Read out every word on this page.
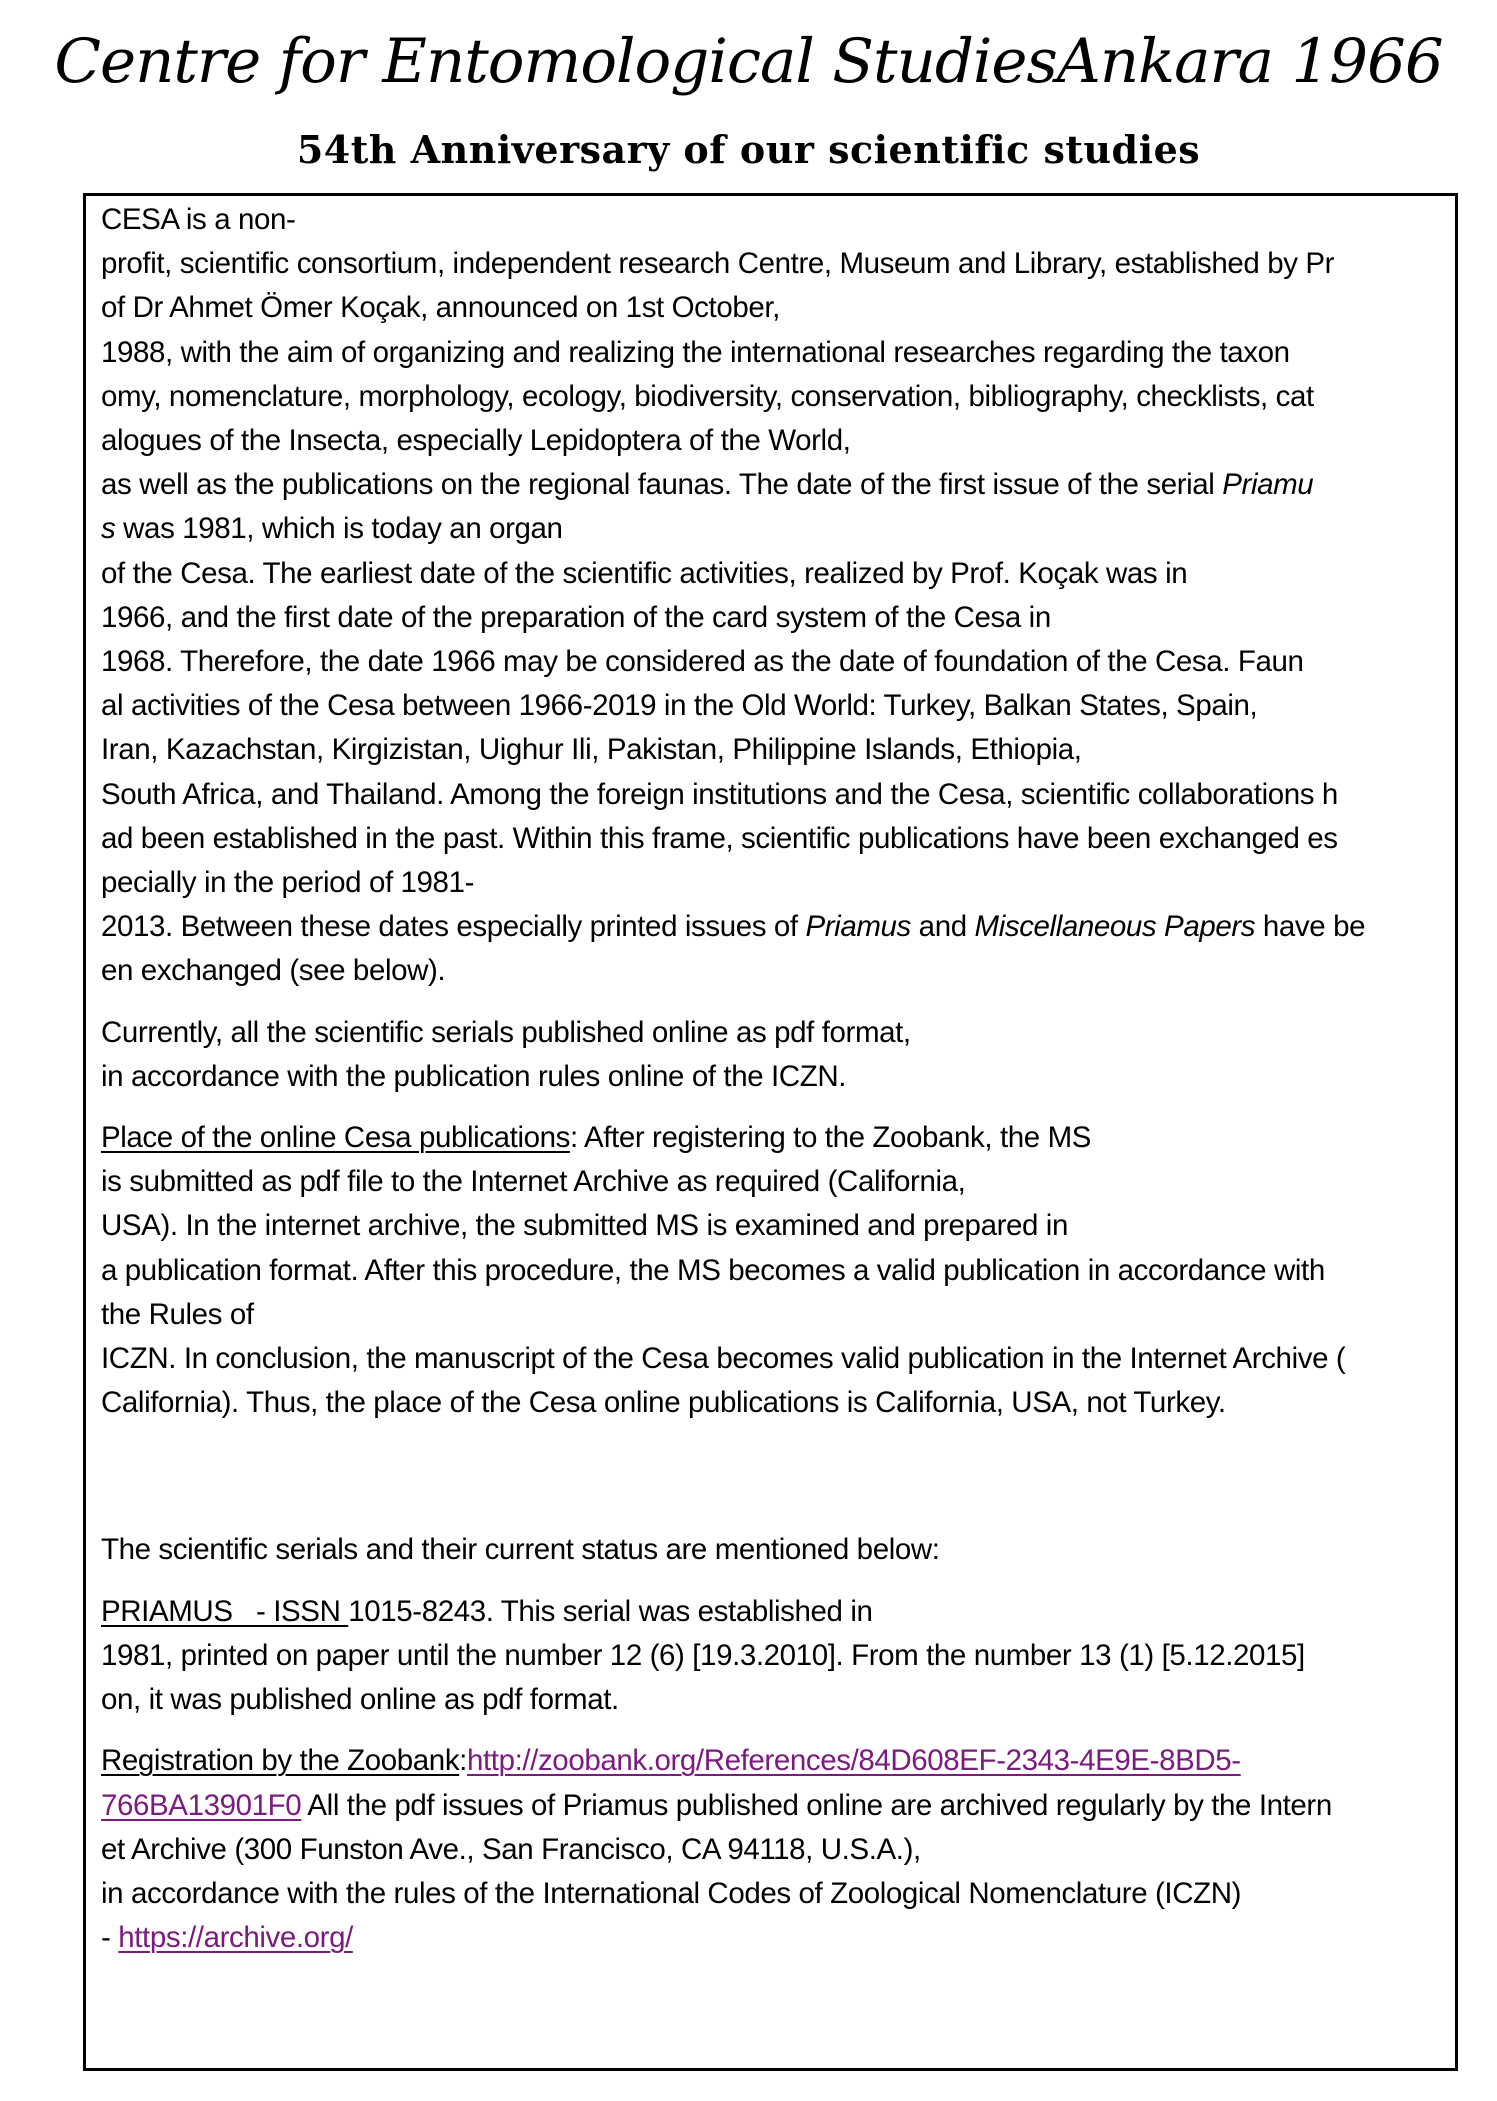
Centre for Entomological StudiesAnkara 1966
54th Anniversary of our scientific studies

CESA is a non-

profit, scientific consortium, independent research Centre, Museum and Library, established by Pr

of Dr Ahmet Ömer Koçak, announced on 1st October,

1988, with the aim of organizing and realizing the international researches regarding the taxon

omy, nomenclature, morphology, ecology, biodiversity, conservation, bibliography, checklists, cat

alogues of the Insecta, especially Lepidoptera of the World,

as well as the publications on the regional faunas. The date of the first issue of the serial Priamu

s was 1981, which is today an organ

of the Cesa. The earliest date of the scientific activities, realized by Prof. Koçak was in

1966, and the first date of the preparation of the card system of the Cesa in

1968. Therefore, the date 1966 may be considered as the date of foundation of the Cesa. Faun

al activities of the Cesa between 1966-2019 in the Old World: Turkey, Balkan States, Spain,

Iran, Kazachstan, Kirgizistan, Uighur Ili, Pakistan, Philippine Islands, Ethiopia,

South Africa, and Thailand. Among the foreign institutions and the Cesa, scientific collaborations h

ad been established in the past. Within this frame, scientific publications have been exchanged es

pecially in the period of 1981-

2013. Between these dates especially printed issues of Priamus and Miscellaneous Papers have be

en exchanged (see below).

Currently, all the scientific serials published online as pdf format,

in accordance with the publication rules online of the ICZN.

Place of the online Cesa publications: After registering to the Zoobank, the MS

is submitted as pdf file to the Internet Archive as required (California,

USA). In the internet archive, the submitted MS is examined and prepared in

a publication format. After this procedure, the MS becomes a valid publication in accordance with

the Rules of

ICZN. In conclusion, the manuscript of the Cesa becomes valid publication in the Internet Archive (

California). Thus, the place of the Cesa online publications is California, USA, not Turkey.

The scientific serials and their current status are mentioned below:

PRIAMUS   - ISSN 1015-8243. This serial was established in

1981, printed on paper until the number 12 (6) [19.3.2010]. From the number 13 (1) [5.12.2015]

on, it was published online as pdf format.

Registration by the Zoobank:http://zoobank.org/References/84D608EF-2343-4E9E-8BD5-

766BA13901F0 All the pdf issues of Priamus published online are archived regularly by the Intern

et Archive (300 Funston Ave., San Francisco, CA 94118, U.S.A.),

in accordance with the rules of the International Codes of Zoological Nomenclature (ICZN)

- https://archive.org/
